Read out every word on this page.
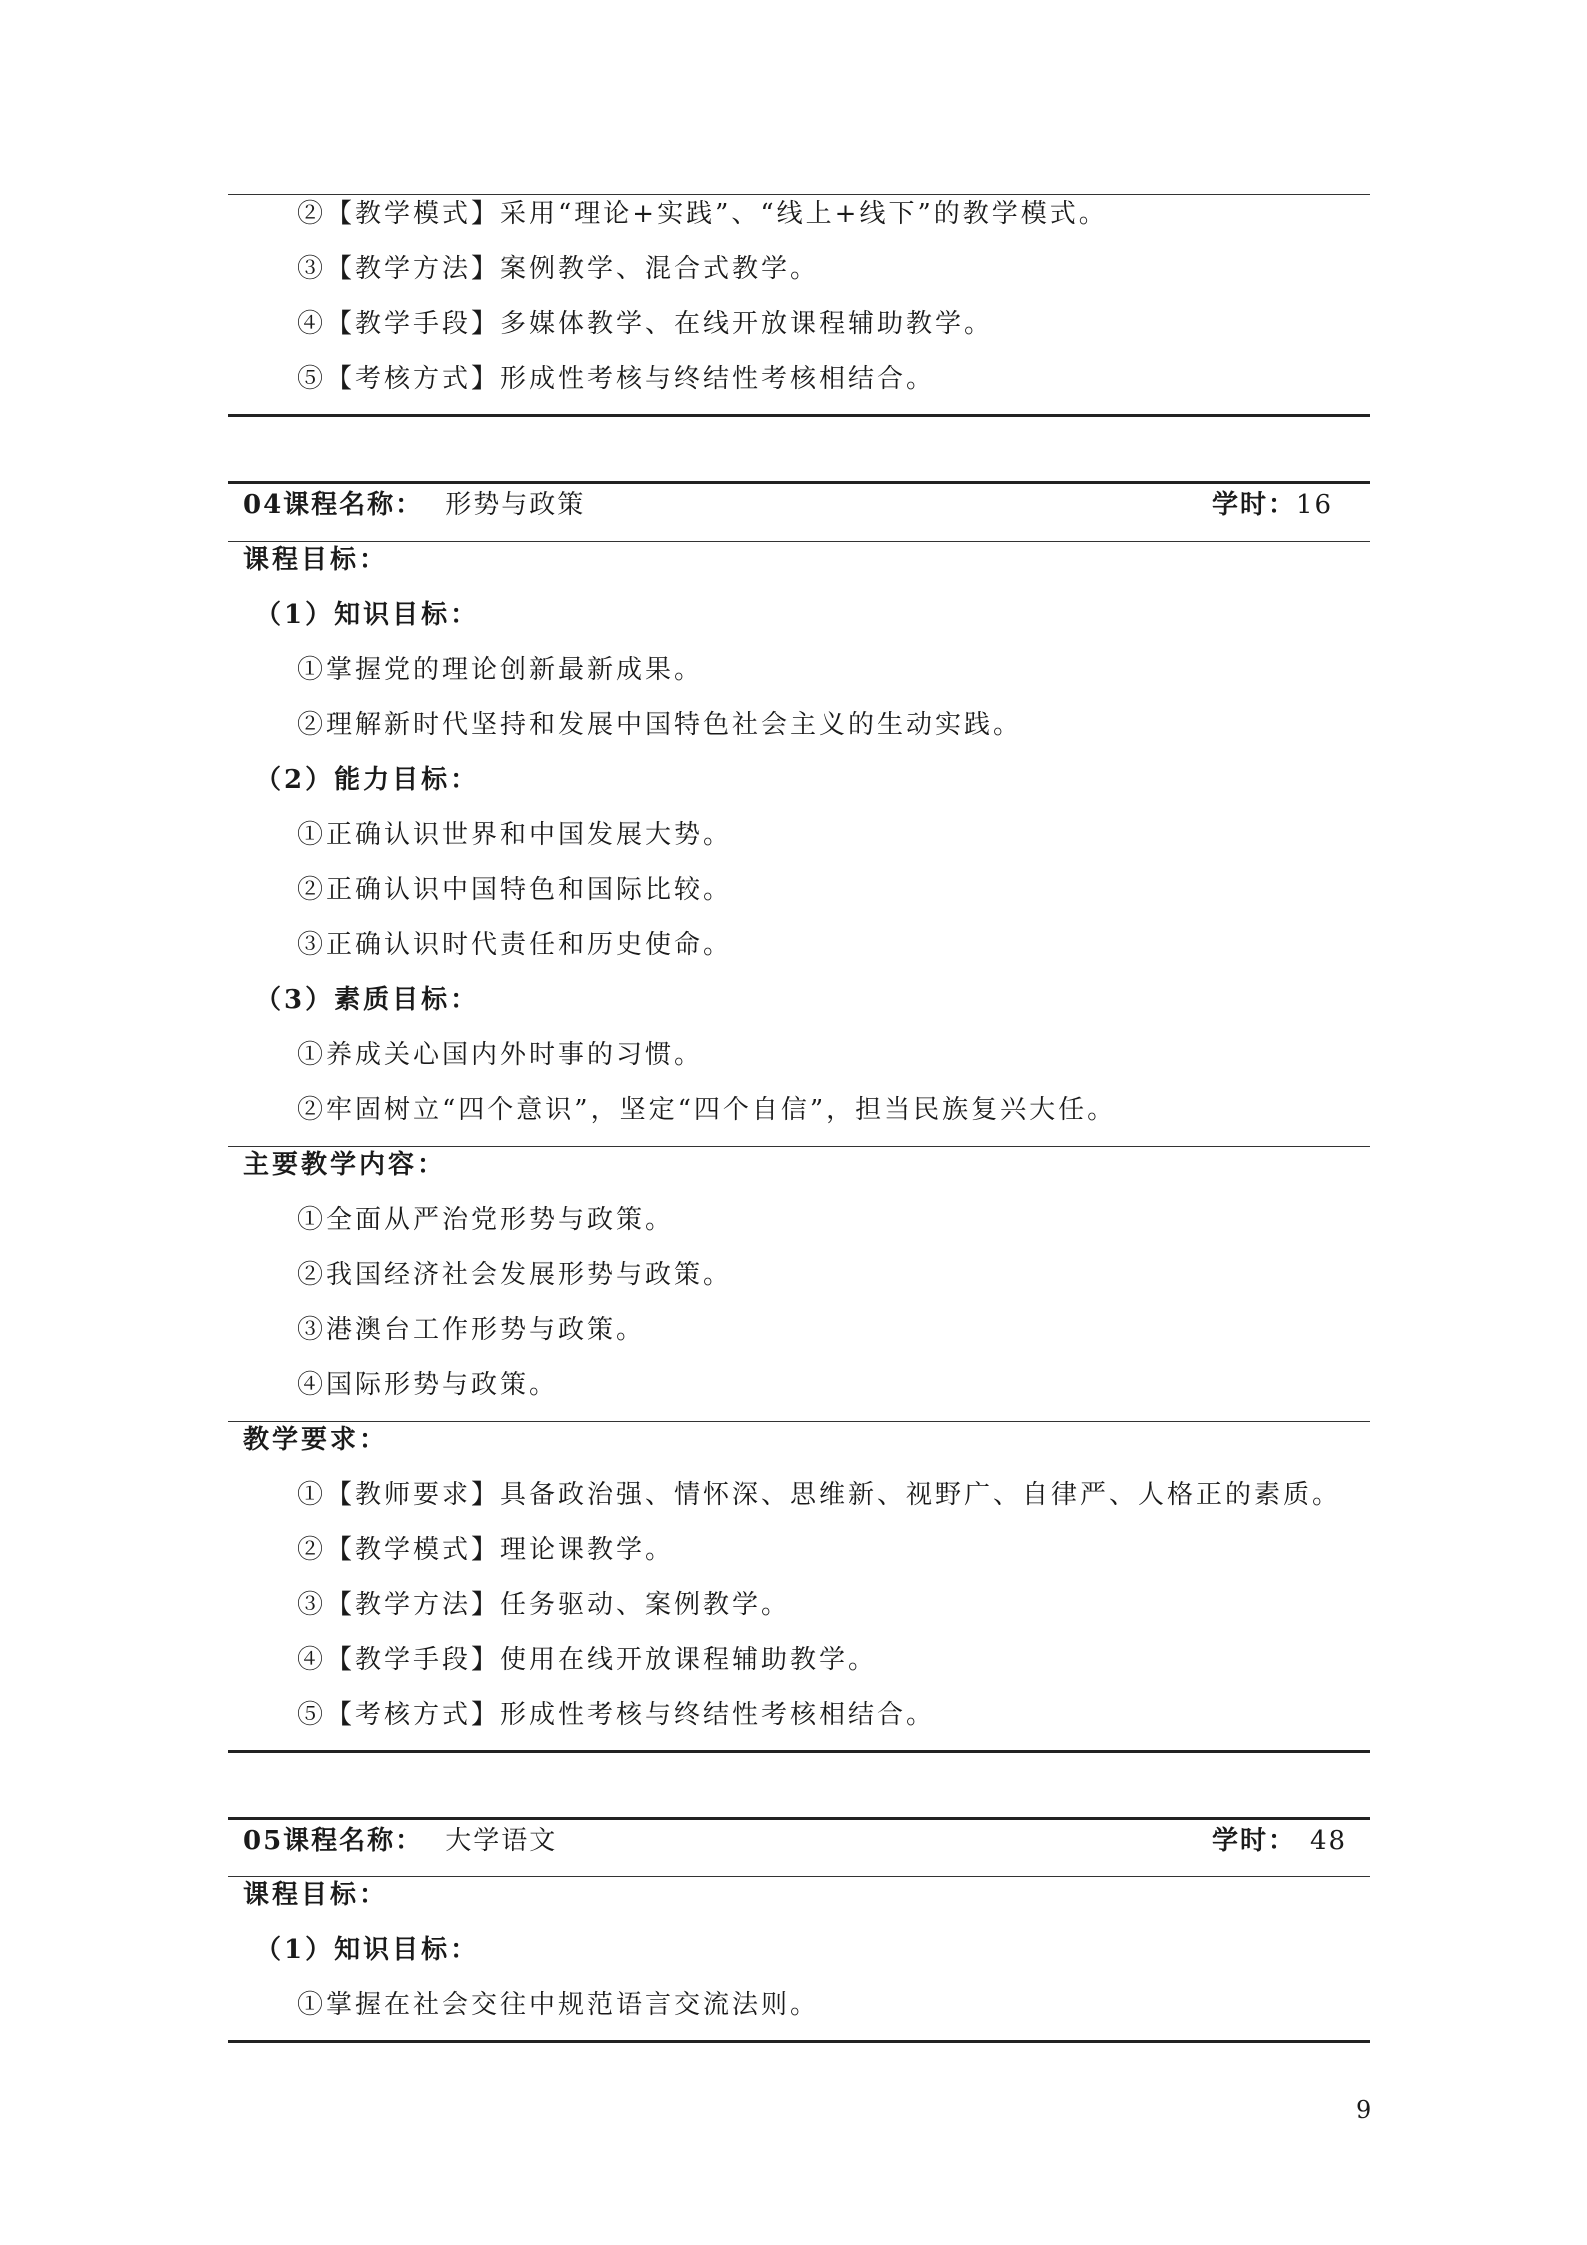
②【教学模式】采用“理论+实践”、“线上+线下”的教学模式。
③【教学方法】案例教学、混合式教学。
④【教学手段】多媒体教学、在线开放课程辅助教学。
⑤【考核方式】形成性考核与终结性考核相结合。
04课程名称： 形势与政策	学时：16
课程目标：
（1）知识目标：
①掌握党的理论创新最新成果。
②理解新时代坚持和发展中国特色社会主义的生动实践。
（2）能力目标：
①正确认识世界和中国发展大势。
②正确认识中国特色和国际比较。
③正确认识时代责任和历史使命。
（3）素质目标：
①养成关心国内外时事的习惯。
②牢固树立“四个意识”，坚定“四个自信”，担当民族复兴大任。
主要教学内容：
①全面从严治党形势与政策。
②我国经济社会发展形势与政策。
③港澳台工作形势与政策。
④国际形势与政策。
教学要求：
①【教师要求】具备政治强、情怀深、思维新、视野广、自律严、人格正的素质。
②【教学模式】理论课教学。
③【教学方法】任务驱动、案例教学。
④【教学手段】使用在线开放课程辅助教学。
⑤【考核方式】形成性考核与终结性考核相结合。
05课程名称： 大学语文	学时： 48
课程目标：
（1）知识目标：
①掌握在社会交往中规范语言交流法则。
9
